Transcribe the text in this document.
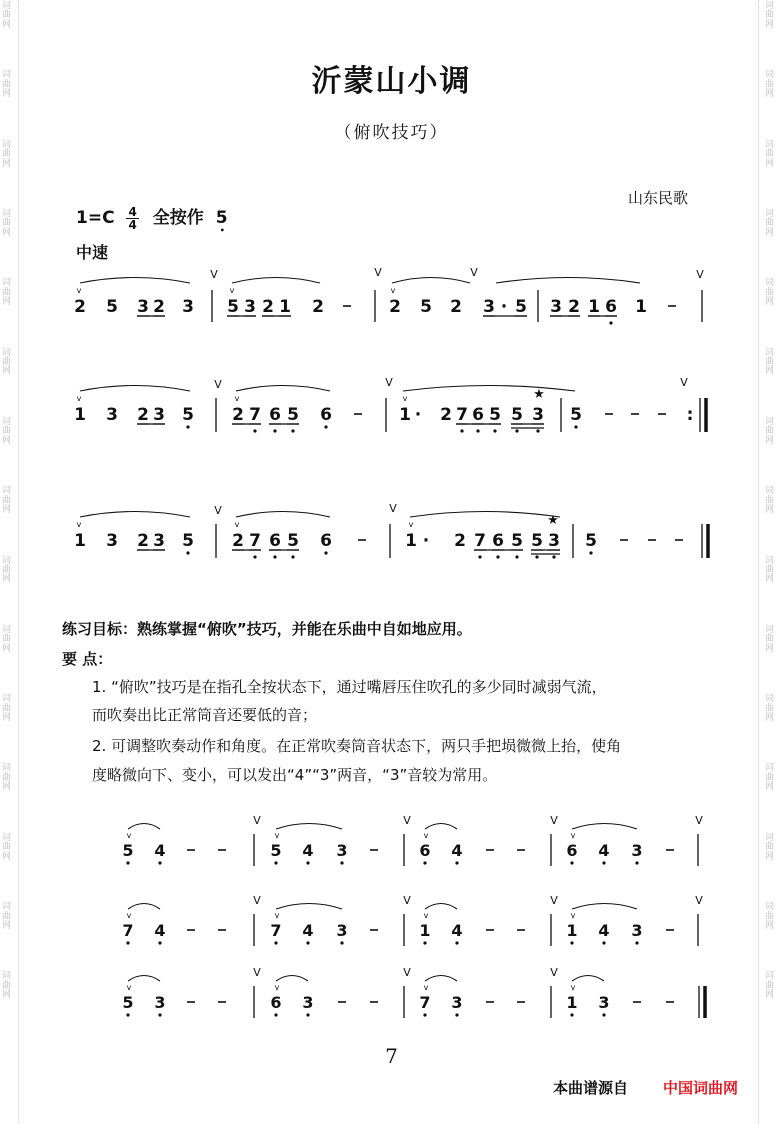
词
曲
网
词
曲
网
词
曲
网
词
曲
网
词
曲
网
词
曲
网
词
曲
网
词
曲
网
词
曲
网
词
曲
网
词
曲
网
词
曲
网
词
曲
网
词
曲
网
词
曲
网
词
曲
网
词
曲
网
词
曲
网
词
曲
网
词
曲
网
词
曲
网
词
曲
网
词
曲
网
词
曲
网
词
曲
网
词
曲
网
词
曲
网
词
曲
网
词
曲
网
词
曲
网
沂蒙山小调
（俯吹技巧）
山东民歌
$1=C \frac{4}{4}$ 全按作 5
•
中速
v
2 5 3 2 3
V
v
5 3 2 1 2
V
v
2 5 2 3 5
·
V
3 2 1 6 1
V
v
1 3 2 3 5
V
v
2 7 6 5 6
V
v
1 · 2 7 6 5 5 3
★
5
V
:
v
1 3 2 3 5
V
v
2 7 6 5 6
V
v
1 · 2 7 6 5 5 3
★
5
练习目标：熟练掌握“俯吹”技巧，并能在乐曲中自如地应用。
要 点：
1. “俯吹”技巧是在指孔全按状态下，通过嘴唇压住吹孔的多少同时减弱气流，
而吹奏出比正常筒音还要低的音；
2. 可调整吹奏动作和角度。在正常吹奏筒音状态下，两只手把埙微微上抬，使角
度略微向下、变小，可以发出“4”“3”两音，“3”音较为常用。
v
5 4
V
v
5 4 3
V
v
6 4
V
v
6 4 3
V
v
7 4
V
v
7 4 3
V
v
1 4
V
v
1 4 3
V
v
5 3
V
v
6 3
V
v
7 3
V
v
1 3
7
本曲谱源自 中国词曲网
